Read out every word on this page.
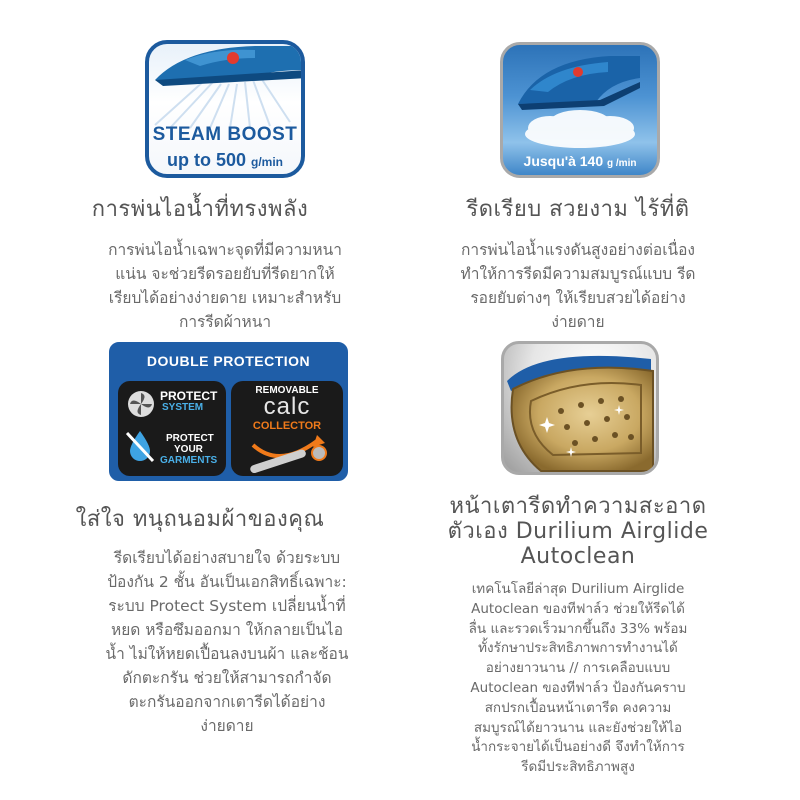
STEAM BOOST
up to 500 g/min
การพ่นไอน้ำที่ทรงพลัง
การพ่นไอน้ำเฉพาะจุดที่มีความหนา
แน่น จะช่วยรีดรอยยับที่รีดยากให้
เรียบได้อย่างง่ายดาย เหมาะสำหรับ
การรีดผ้าหนา
Jusqu'à 140 g /min
รีดเรียบ สวยงาม ไร้ที่ติ
การพ่นไอน้ำแรงดันสูงอย่างต่อเนื่อง
ทำให้การรีดมีความสมบูรณ์แบบ รีด
รอยยับต่างๆ ให้เรียบสวยได้อย่าง
ง่ายดาย
DOUBLE PROTECTION
PROTECT
SYSTEM
PROTECT
YOUR
GARMENTS
REMOVABLE
calc
COLLECTOR
ใส่ใจ ทนุถนอมผ้าของคุณ
รีดเรียบได้อย่างสบายใจ ด้วยระบบ
ป้องกัน 2 ชั้น อันเป็นเอกสิทธิ์เฉพาะ:
ระบบ Protect System เปลี่ยนน้ำที่
หยด หรือซึมออกมา ให้กลายเป็นไอ
น้ำ ไม่ให้หยดเปื้อนลงบนผ้า และช้อน
ดักตะกรัน ช่วยให้สามารถกำจัด
ตะกรันออกจากเตารีดได้อย่าง
ง่ายดาย
หน้าเตารีดทำความสะอาด
ตัวเอง Durilium Airglide
Autoclean
เทคโนโลยีล่าสุด Durilium Airglide
Autoclean ของทีฟาล์ว ช่วยให้รีดได้
ลื่น และรวดเร็วมากขึ้นถึง 33% พร้อม
ทั้งรักษาประสิทธิภาพการทำงานได้
อย่างยาวนาน // การเคลือบแบบ
Autoclean ของทีฟาล์ว ป้องกันคราบ
สกปรกเปื้อนหน้าเตารีด คงความ
สมบูรณ์ได้ยาวนาน และยังช่วยให้ไอ
น้ำกระจายได้เป็นอย่างดี จึงทำให้การ
รีดมีประสิทธิภาพสูง
